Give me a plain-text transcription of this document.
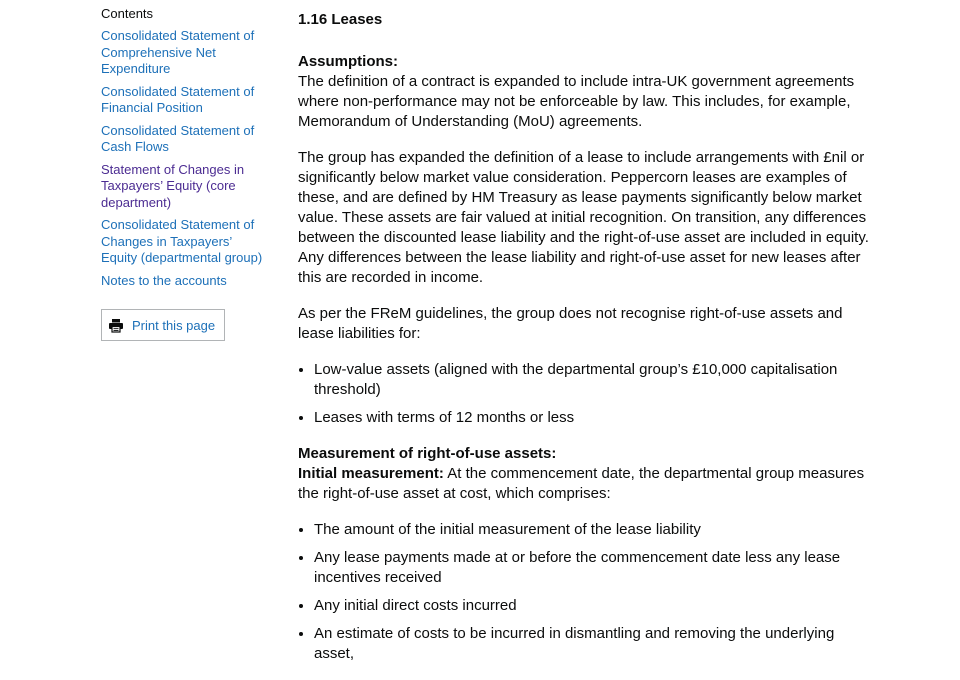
Contents
Consolidated Statement of Comprehensive Net Expenditure
Consolidated Statement of Financial Position
Consolidated Statement of Cash Flows
Statement of Changes in Taxpayers’ Equity (core department)
Consolidated Statement of Changes in Taxpayers’ Equity (departmental group)
Notes to the accounts
Print this page
1.16 Leases

Assumptions:
The definition of a contract is expanded to include intra-UK government agreements where non-performance may not be enforceable by law. This includes, for example, Memorandum of Understanding (MoU) agreements.

The group has expanded the definition of a lease to include arrangements with £nil or significantly below market value consideration. Peppercorn leases are examples of these, and are defined by HM Treasury as lease payments significantly below market value. These assets are fair valued at initial recognition. On transition, any differences between the discounted lease liability and the right-of-use asset are included in equity. Any differences between the lease liability and right-of-use asset for new leases after this are recorded in income.

As per the FReM guidelines, the group does not recognise right-of-use assets and lease liabilities for:

• Low-value assets (aligned with the departmental group’s £10,000 capitalisation threshold)
• Leases with terms of 12 months or less

Measurement of right-of-use assets:
Initial measurement: At the commencement date, the departmental group measures the right-of-use asset at cost, which comprises:

• The amount of the initial measurement of the lease liability
• Any lease payments made at or before the commencement date less any lease incentives received
• Any initial direct costs incurred
• An estimate of costs to be incurred in dismantling and removing the underlying asset,
